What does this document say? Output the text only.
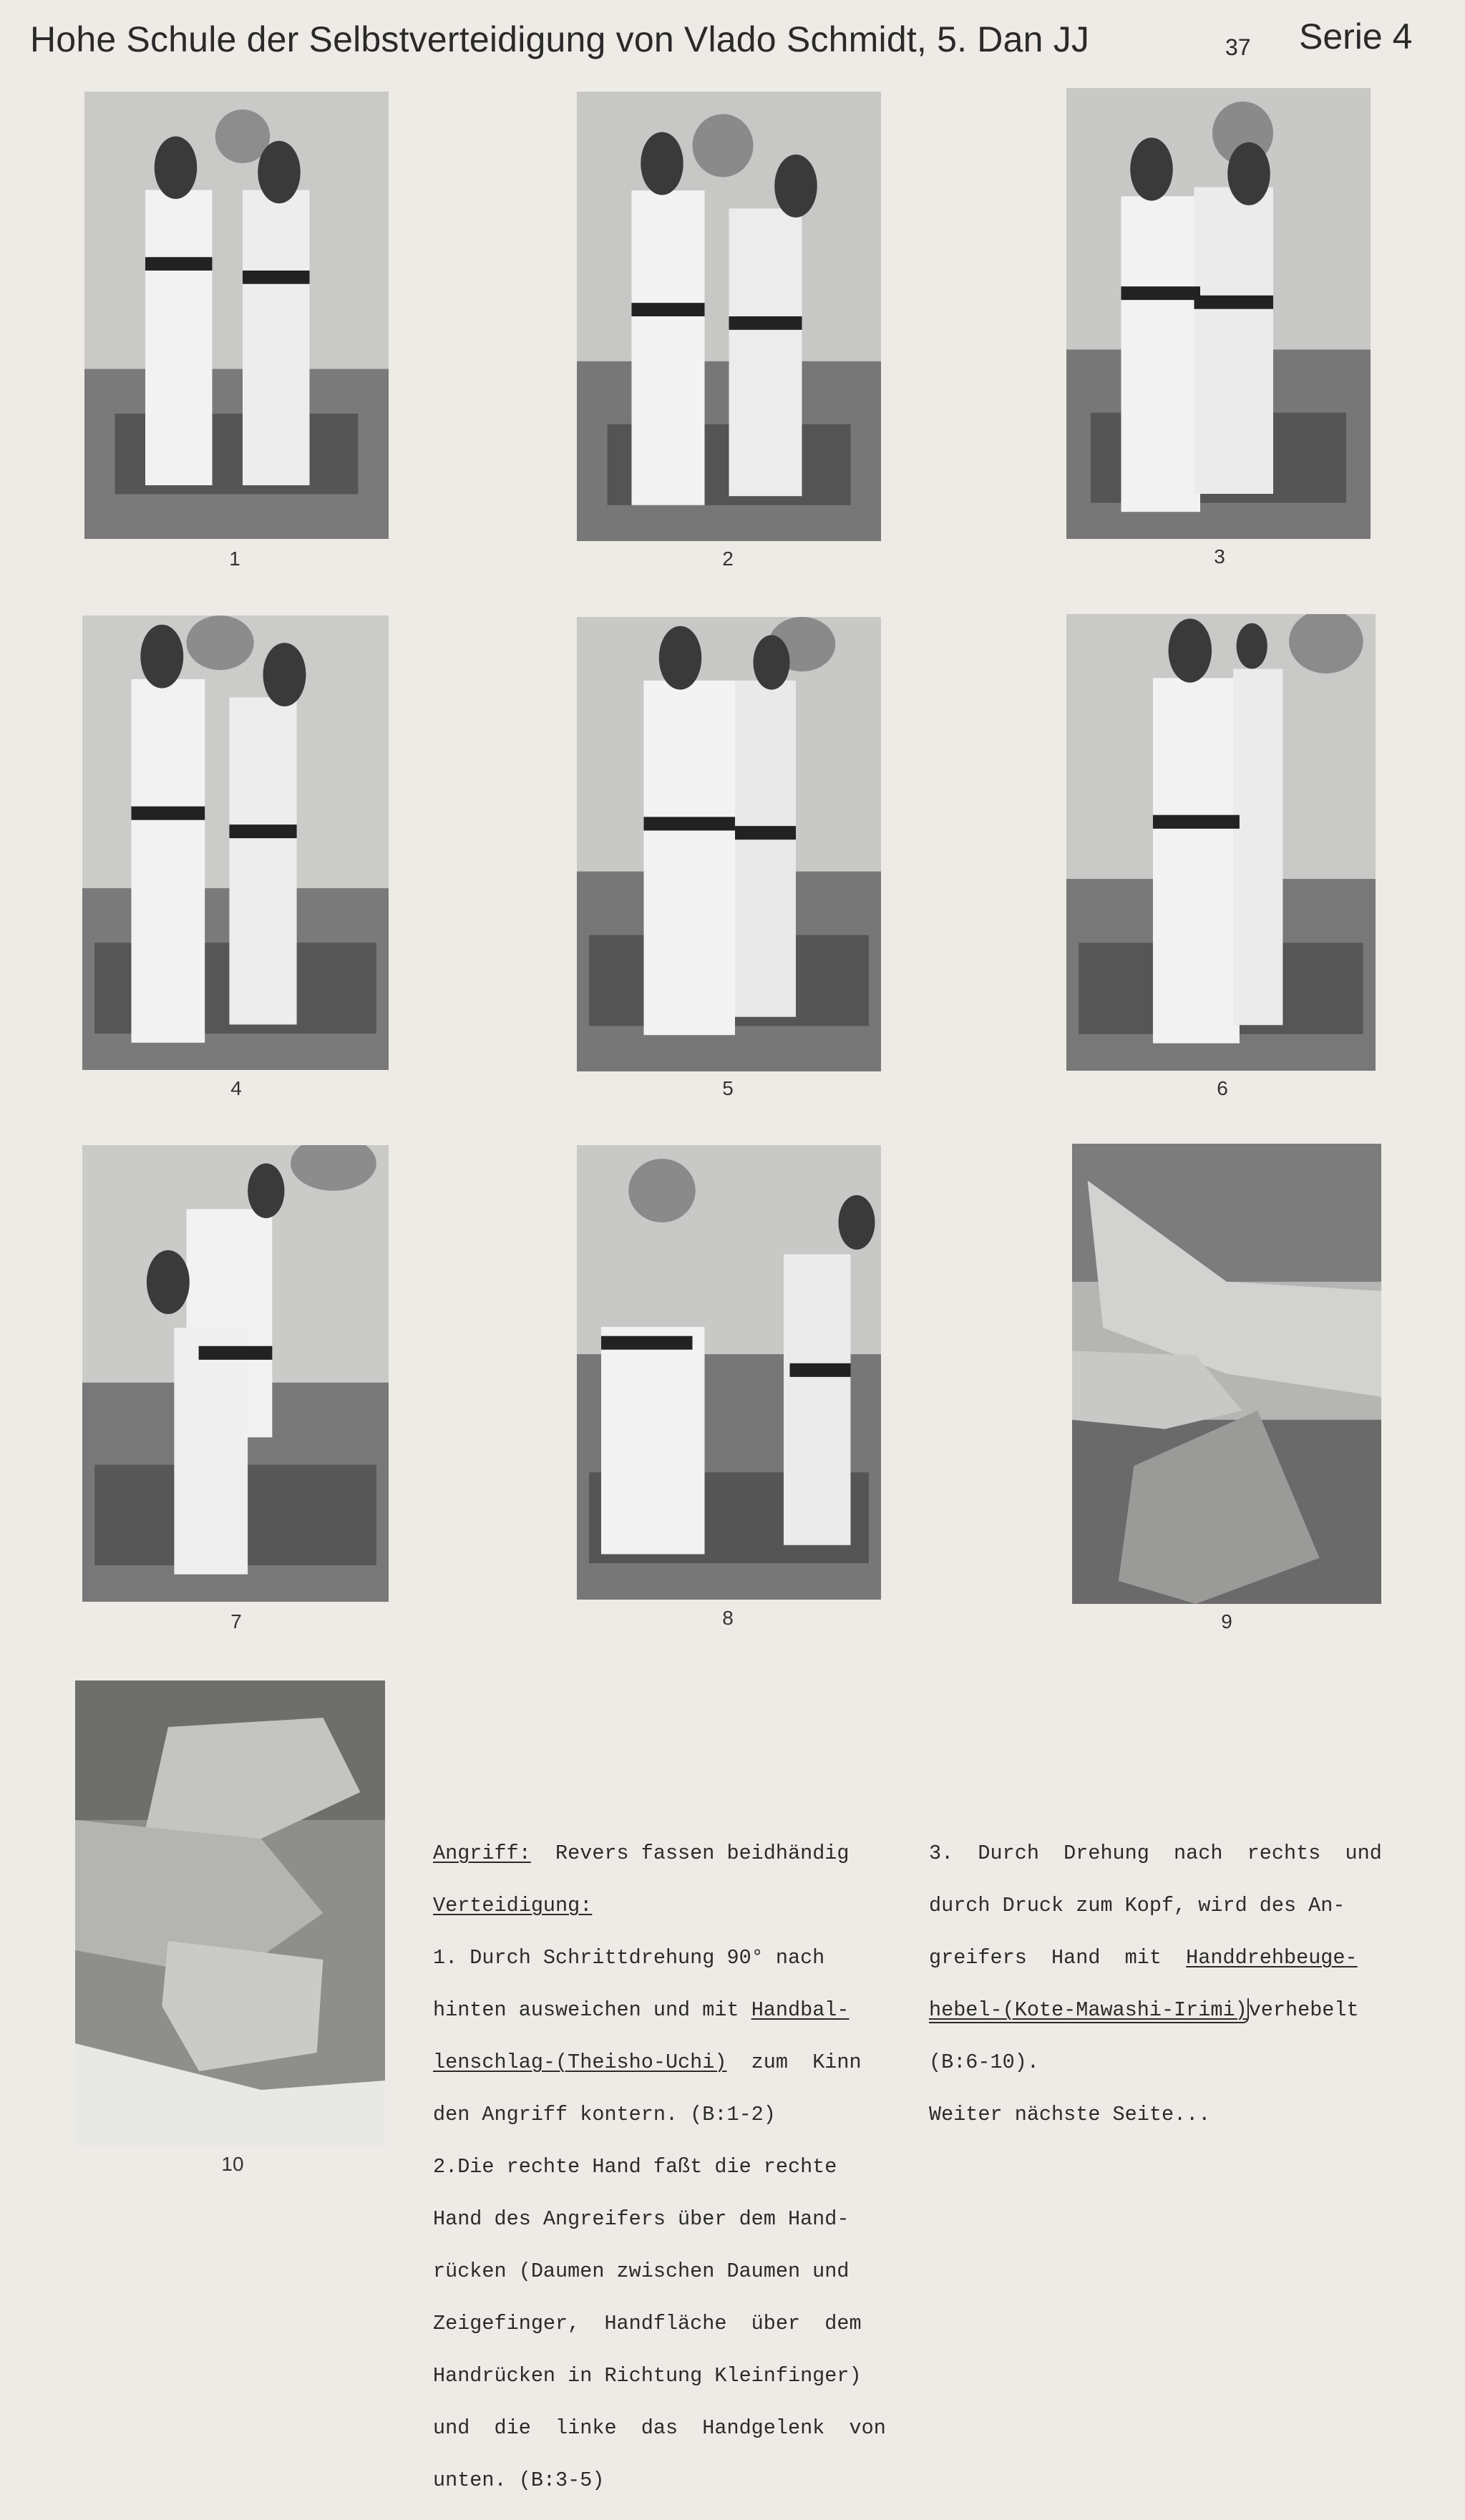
Hohe Schule der Selbstverteidigung von Vlado Schmidt, 5. Dan JJ	37 Serie 4
1	2	3
4	5	6
7	8	9
10

Angriff:  Revers fassen beidhändig

Verteidigung:

1. Durch Schrittdrehung 90° nach

hinten ausweichen und mit Handbal-

lenschlag-(Theisho-Uchi)  zum  Kinn

den Angriff kontern. (B:1-2)

2.Die rechte Hand faßt die rechte

Hand des Angreifers über dem Hand-

rücken (Daumen zwischen Daumen und

Zeigefinger,  Handfläche  über  dem

Handrücken in Richtung Kleinfinger)

und  die  linke  das  Handgelenk  von

unten. (B:3-5)

3.  Durch  Drehung  nach  rechts  und

durch Druck zum Kopf, wird des An-

greifers  Hand  mit  Handdrehbeuge-

hebel-(Kote-Mawashi-Irimi)verhebelt

(B:6-10).

Weiter nächste Seite...
